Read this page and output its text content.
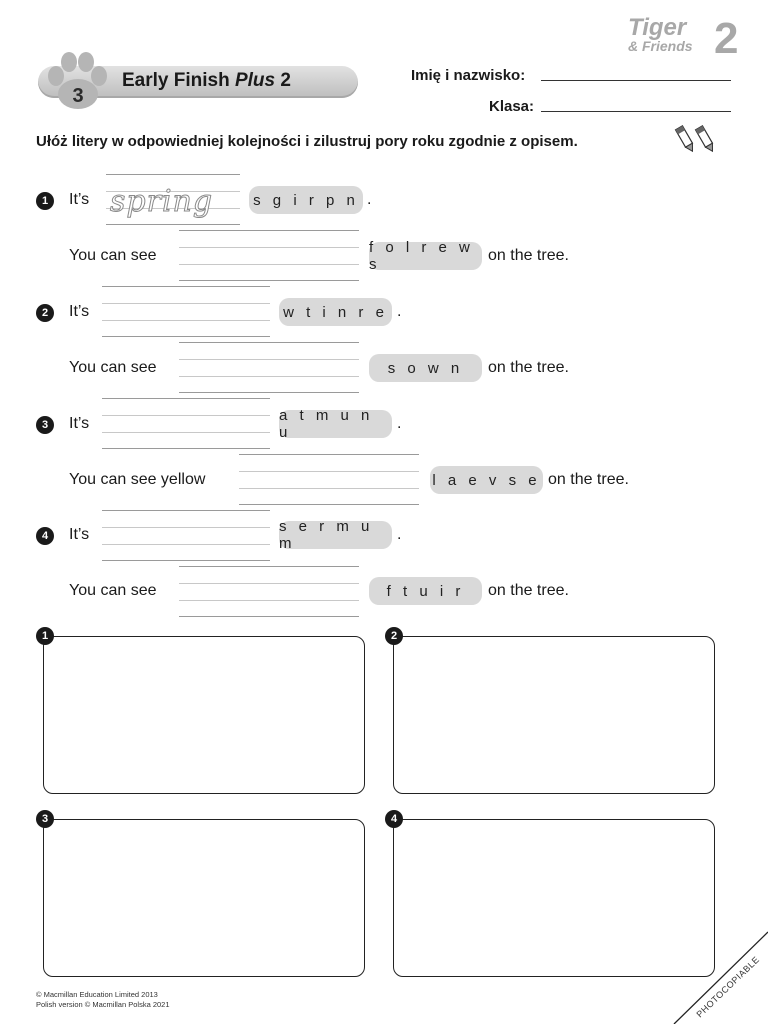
3
Early Finish Plus 2
Tiger
& Friends 2
Imię i nazwisko:
Klasa:
Ułóż litery w odpowiedniej kolejności i zilustruj pory roku zgodnie z opisem.
1	It’s spring	s g i r p n .
You can see	f o l r e w s
on the tree.
2	It’s	w t i n r e .
You can see	s o w n	on the tree.
3	It’s	a t m u n u
.
You can see yellow	l a e v s e on the tree.
4	It’s	s e r m u m
.
You can see	f t u i r	on the tree.
1	2
3	4
© Macmillan Education Limited 2013
Polish version © Macmillan Polska 2021	PHOTOCOPIABLE
